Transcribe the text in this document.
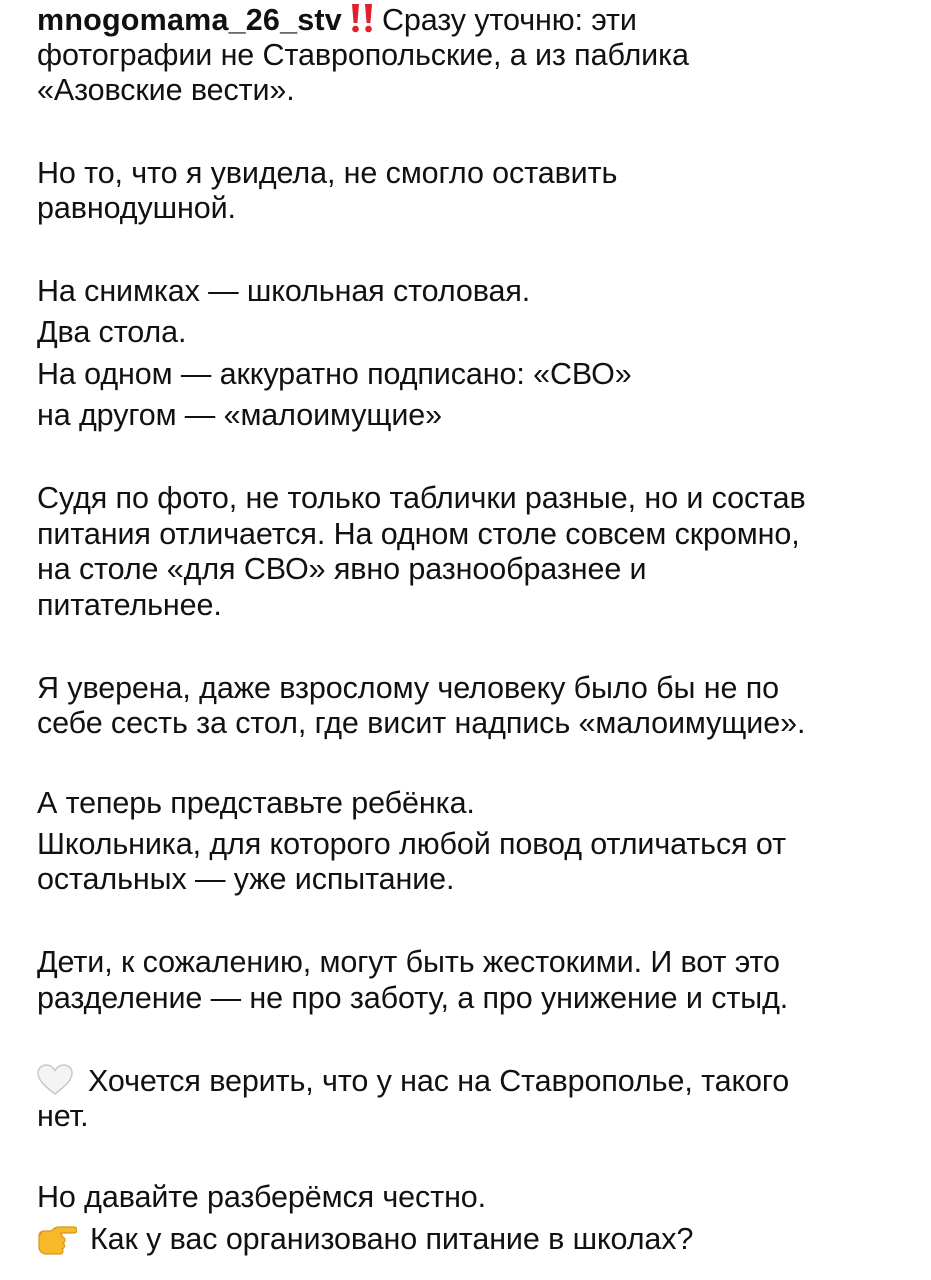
mnogomama_26_stv Сразу уточню: эти
фотографии не Ставропольские, а из паблика
«Азовские вести».
Но то, что я увидела, не смогло оставить
равнодушной.
На снимках — школьная столовая.
Два стола.
На одном — аккуратно подписано: «СВО»
на другом — «малоимущие»
Судя по фото, не только таблички разные, но и состав
питания отличается. На одном столе совсем скромно,
на столе «для СВО» явно разнообразнее и
питательнее.
Я уверена, даже взрослому человеку было бы не по
себе сесть за стол, где висит надпись «малоимущие».
А теперь представьте ребёнка.
Школьника, для которого любой повод отличаться от
остальных — уже испытание.
Дети, к сожалению, могут быть жестокими. И вот это
разделение — не про заботу, а про унижение и стыд.
Хочется верить, что у нас на Ставрополье, такого
нет.
Но давайте разберёмся честно.
Как у вас организовано питание в школах?
